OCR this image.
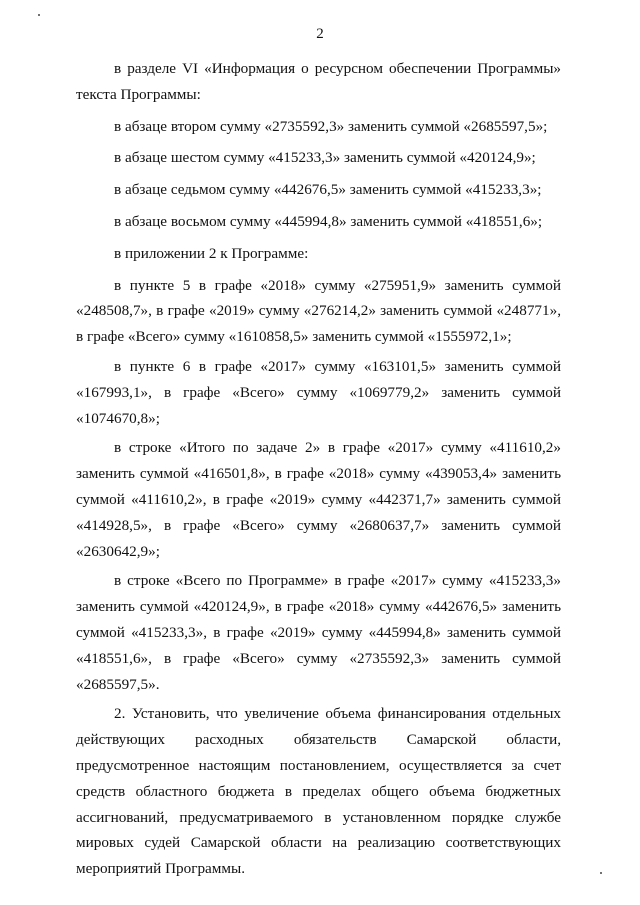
2

в разделе VI «Информация о ресурсном обеспечении Программы» текста Программы:

в абзаце втором сумму «2735592,3» заменить суммой «2685597,5»;

в абзаце шестом сумму «415233,3» заменить суммой «420124,9»;

в абзаце седьмом сумму «442676,5» заменить суммой «415233,3»;

в абзаце восьмом сумму «445994,8» заменить суммой «418551,6»;

в приложении 2 к Программе:

в пункте 5 в графе «2018» сумму «275951,9» заменить суммой «248508,7», в графе «2019» сумму «276214,2» заменить суммой «248771», в графе «Всего» сумму «1610858,5» заменить суммой «1555972,1»;

в пункте 6 в графе «2017» сумму «163101,5» заменить суммой «167993,1», в графе «Всего» сумму «1069779,2» заменить суммой «1074670,8»;

в строке «Итого по задаче 2» в графе «2017» сумму «411610,2» заменить суммой «416501,8», в графе «2018» сумму «439053,4» заменить суммой «411610,2», в графе «2019» сумму «442371,7» заменить суммой «414928,5», в графе «Всего» сумму «2680637,7» заменить суммой «2630642,9»;

в строке «Всего по Программе» в графе «2017» сумму «415233,3» заменить суммой «420124,9», в графе «2018» сумму «442676,5» заменить суммой «415233,3», в графе «2019» сумму «445994,8» заменить суммой «418551,6», в графе «Всего» сумму «2735592,3» заменить суммой «2685597,5».

2. Установить, что увеличение объема финансирования отдельных действующих расходных обязательств Самарской области, предусмотренное настоящим постановлением, осуществляется за счет средств областного бюджета в пределах общего объема бюджетных ассигнований, предусматриваемого в установленном порядке службе мировых судей Самарской области на реализацию соответствующих мероприятий Программы.
